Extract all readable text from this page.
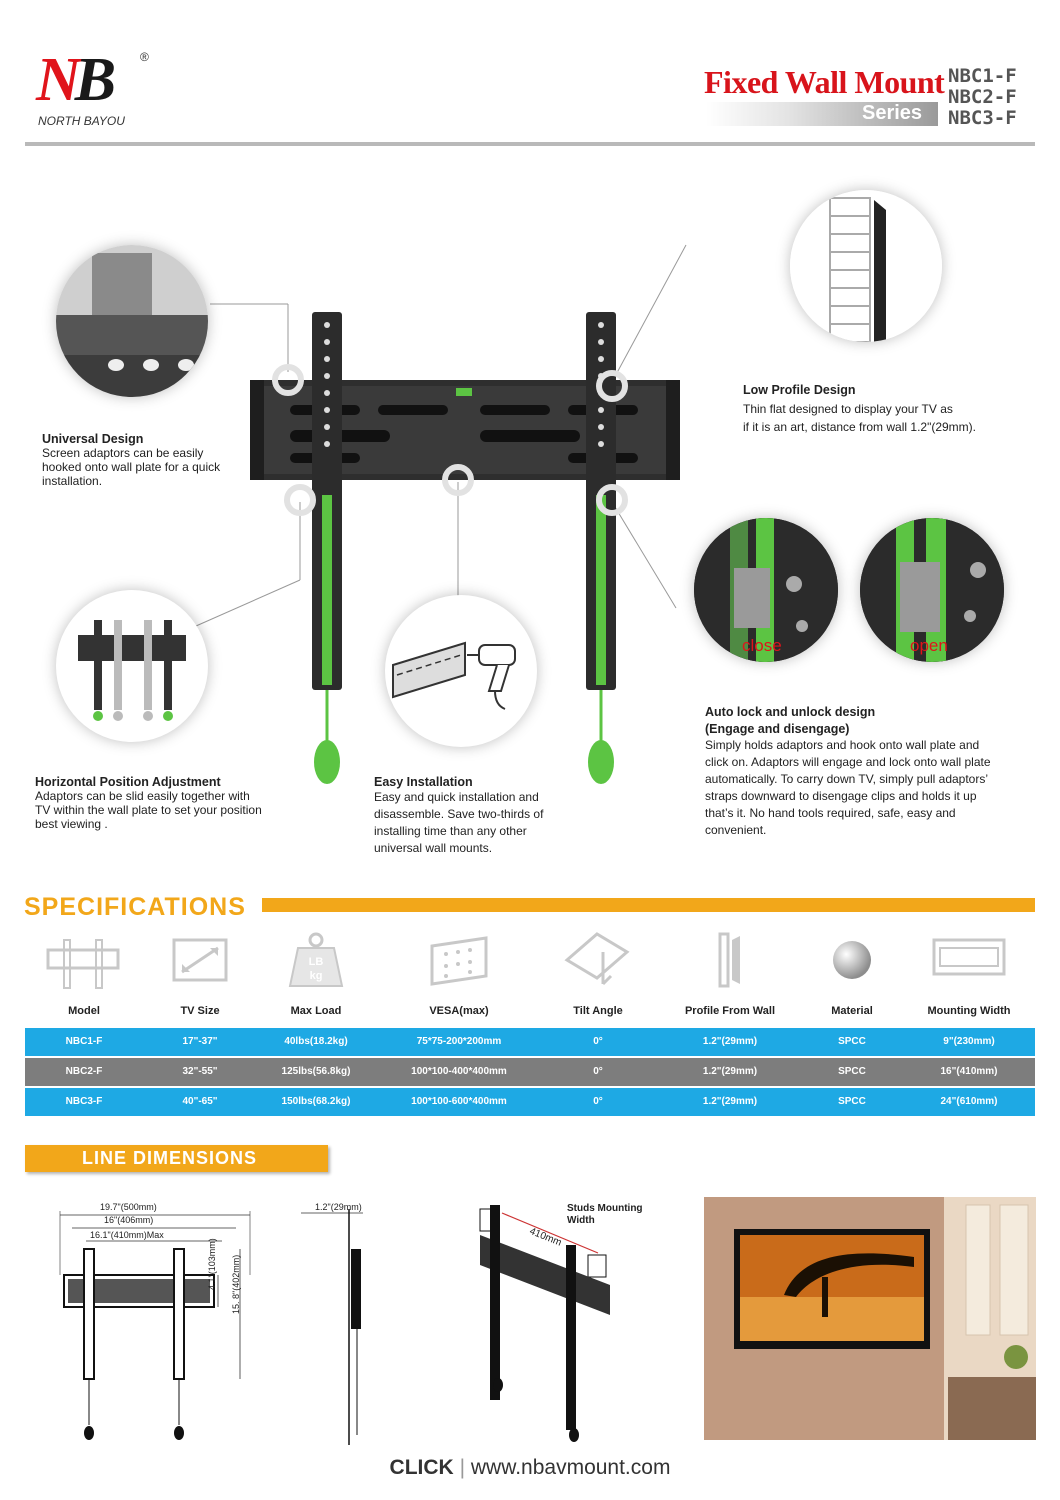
NB ®
NORTH BAYOU
Fixed Wall Mount
Series
NBC1-F
NBC2-F
NBC3-F
Universal Design
Screen adaptors can be easily hooked onto wall plate for a quick installation.
Low Profile Design
Thin flat designed to display your TV as
if it is an art, distance from wall 1.2"(29mm).
Horizontal Position Adjustment
Adaptors can be slid easily together with TV within the wall plate to set your position best viewing .
Easy Installation
Easy and quick installation and disassemble. Save two-thirds of installing time than any other universal wall mounts.
close	open
Auto lock and unlock design
(Engage and disengage)
Simply holds adaptors and hook onto wall plate and click on. Adaptors will engage and lock onto wall plate automatically. To carry down TV, simply pull adaptors’ straps downward to disengage clips and holds it up that’s it. No hand tools required, safe, easy and convenient.
SPECIFICATIONS
LB
kg
Model	TV Size	Max Load	VESA(max)	Tilt Angle	Profile From Wall	Material	Mounting Width
NBC1-F	17"-37"	40lbs(18.2kg)	75*75-200*200mm	0°	1.2"(29mm)	SPCC	9"(230mm)
NBC2-F	32"-55"	125lbs(56.8kg)	100*100-400*400mm	0°	1.2"(29mm)	SPCC	16"(410mm)
NBC3-F	40"-65"	150lbs(68.2kg)	100*100-600*400mm	0°	1.2"(29mm)	SPCC	24"(610mm)
LINE DIMENSIONS
19.7"(500mm)
16"(406mm)
16.1"(410mm)Max
4.1"(103mm) 15. 8"(402mm)
1.2"(29mm)
410mm
Studs Mounting Width
CLICK | www.nbavmount.com
